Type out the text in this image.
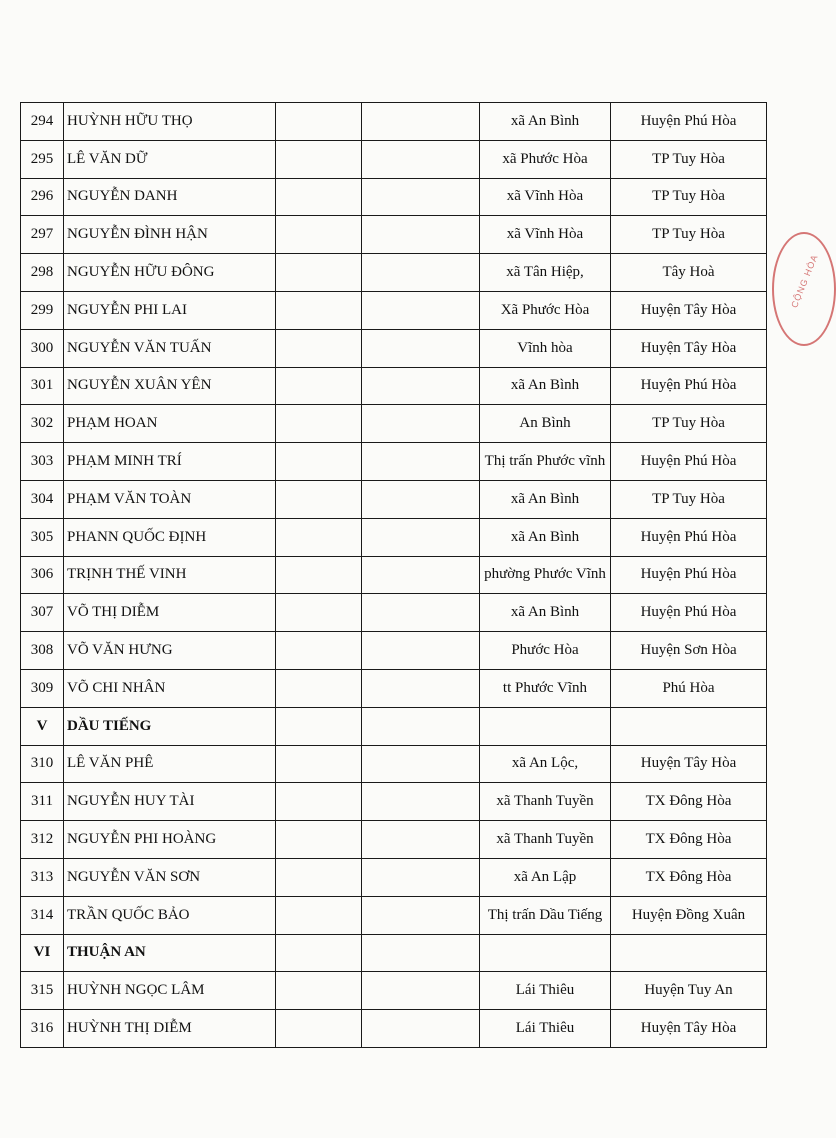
294	HUỲNH HỮU THỌ			xã An Bình	Huyện Phú Hòa
295	LÊ VĂN DỮ			xã Phước Hòa	TP Tuy Hòa
296	NGUYỄN DANH			xã Vĩnh Hòa	TP Tuy Hòa
297	NGUYỄN ĐÌNH HẬN			xã Vĩnh Hòa	TP Tuy Hòa
298	NGUYỄN HỮU ĐÔNG			xã Tân Hiệp,	Tây Hoà
299	NGUYỄN PHI LAI			Xã Phước Hòa	Huyện Tây Hòa
300	NGUYỄN VĂN TUẤN			Vĩnh hòa	Huyện Tây Hòa
301	NGUYỄN XUÂN YÊN			xã An Bình	Huyện Phú Hòa
302	PHẠM HOAN			An Bình	TP Tuy Hòa
303	PHẠM MINH TRÍ			Thị trấn Phước vĩnh	Huyện Phú Hòa
304	PHẠM VĂN TOÀN			xã An Bình	TP Tuy Hòa
305	PHANN QUỐC ĐỊNH			xã An Bình	Huyện Phú Hòa
306	TRỊNH THẾ VINH			phường Phước Vĩnh	Huyện Phú Hòa
307	VÕ THỊ DIỄM			xã An Bình	Huyện Phú Hòa
308	VÕ VĂN HƯNG			Phước Hòa	Huyện Sơn Hòa
309	VÕ CHI NHÂN			tt Phước Vĩnh	Phú Hòa
V	DẦU TIẾNG				
310	LÊ VĂN PHÊ			xã An Lộc,	Huyện Tây Hòa
311	NGUYỄN HUY TÀI			xã Thanh Tuyền	TX Đông Hòa
312	NGUYỄN PHI HOÀNG			xã Thanh Tuyền	TX Đông Hòa
313	NGUYỄN VĂN SƠN			xã An Lập	TX Đông Hòa
314	TRẦN QUỐC BẢO			Thị trấn Dầu Tiếng	Huyện Đồng Xuân
VI	THUẬN AN				
315	HUỲNH NGỌC LÂM			Lái Thiêu	Huyện Tuy An
316	HUỲNH THỊ DIỄM			Lái Thiêu	Huyện Tây Hòa
CỘNG HÒA
